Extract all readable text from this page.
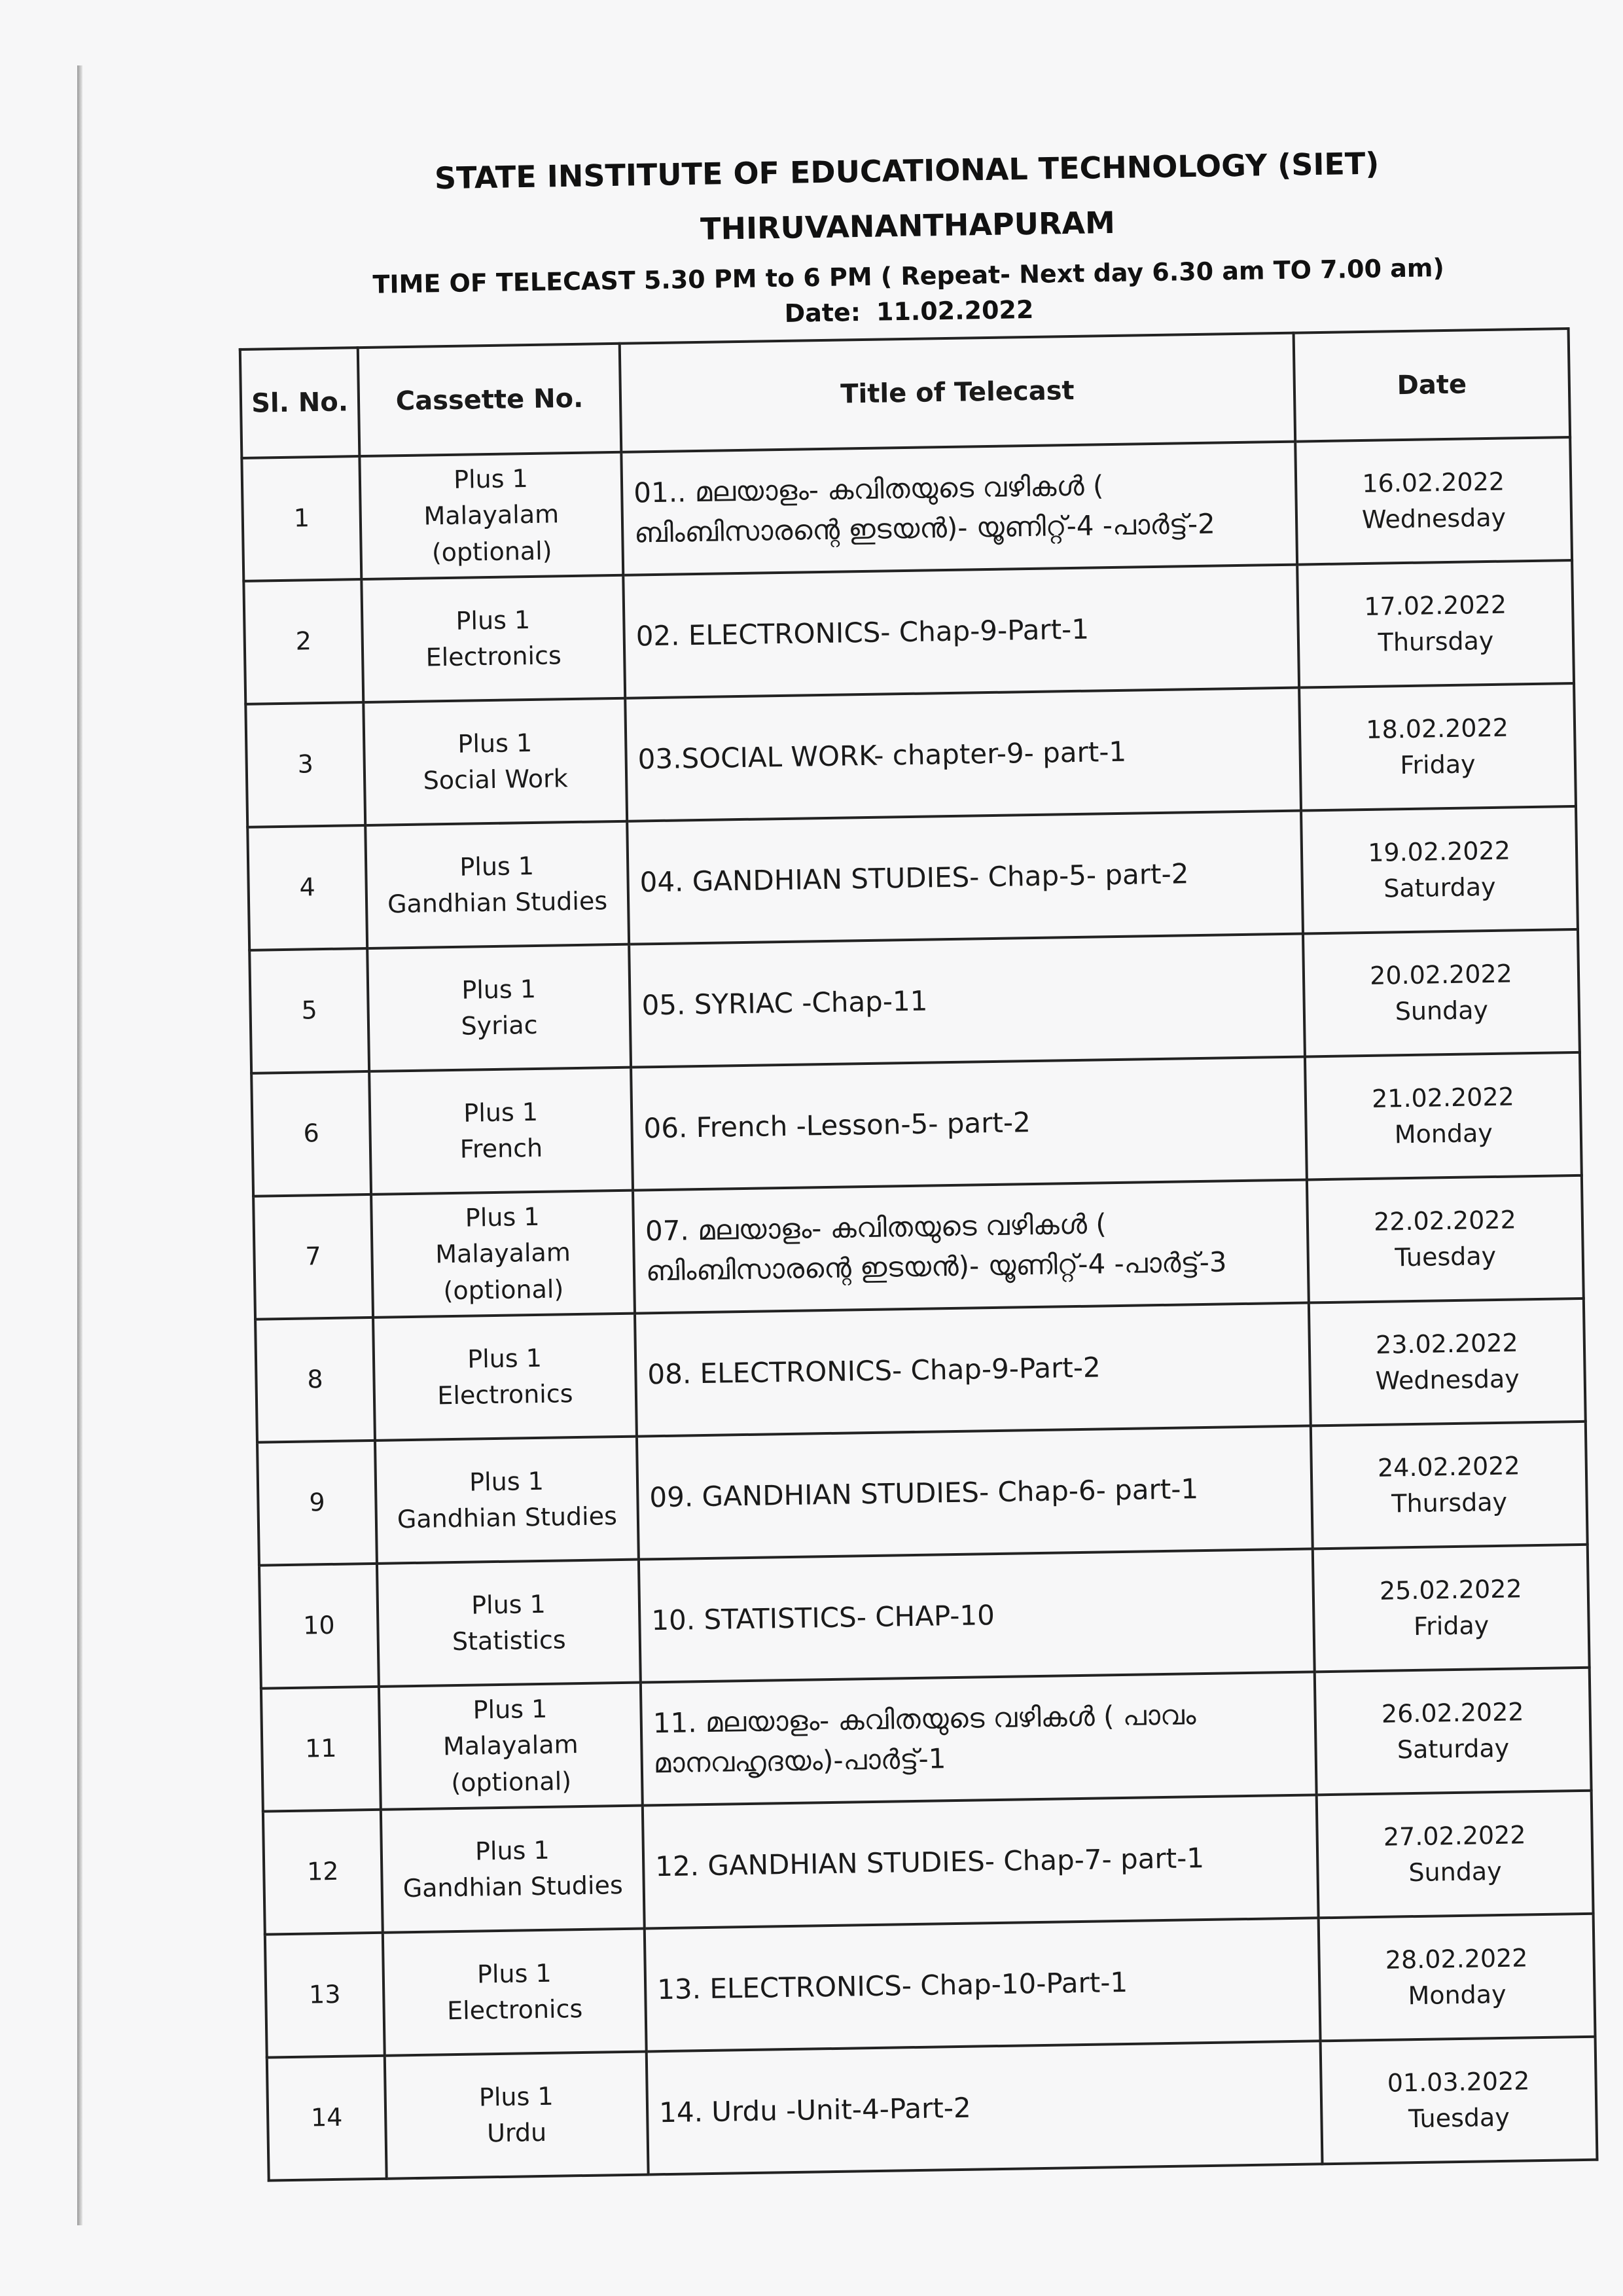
STATE INSTITUTE OF EDUCATIONAL TECHNOLOGY (SIET)
THIRUVANANTHAPURAM
TIME OF TELECAST 5.30 PM to 6 PM ( Repeat- Next day 6.30 am TO 7.00 am)
Date: 11.02.2022
Sl. No.	Cassette No.	Title of Telecast	Date
1	Plus 1
Malayalam
(optional)	01.. മലയാളം- കവിതയുടെ വഴികൾ ( ബിംബിസാരന്റെ ഇടയൻ)- യൂണിറ്റ്-4 -പാർട്ട്-2	16.02.2022
Wednesday

2	Plus 1
Electronics	02. ELECTRONICS- Chap-9-Part-1	17.02.2022
Thursday

3	Plus 1
Social Work	03.SOCIAL WORK- chapter-9- part-1	18.02.2022
Friday

4	Plus 1
Gandhian Studies	04. GANDHIAN STUDIES- Chap-5- part-2	19.02.2022
Saturday

5	Plus 1
Syriac	05. SYRIAC -Chap-11	20.02.2022
Sunday

6	Plus 1
French	06. French -Lesson-5- part-2	21.02.2022
Monday

7	Plus 1
Malayalam
(optional)	07. മലയാളം- കവിതയുടെ വഴികൾ ( ബിംബിസാരന്റെ ഇടയൻ)- യൂണിറ്റ്-4 -പാർട്ട്-3	22.02.2022
Tuesday

8	Plus 1
Electronics	08. ELECTRONICS- Chap-9-Part-2	23.02.2022
Wednesday

9	Plus 1
Gandhian Studies	09. GANDHIAN STUDIES- Chap-6- part-1	24.02.2022
Thursday

10	Plus 1
Statistics	10. STATISTICS- CHAP-10	25.02.2022
Friday

11	Plus 1
Malayalam
(optional)	11. മലയാളം- കവിതയുടെ വഴികൾ ( പാവം മാനവഹൃദയം)-പാർട്ട്-1	26.02.2022
Saturday

12	Plus 1
Gandhian Studies	12. GANDHIAN STUDIES- Chap-7- part-1	27.02.2022
Sunday

13	Plus 1
Electronics	13. ELECTRONICS- Chap-10-Part-1	28.02.2022
Monday

14	Plus 1
Urdu	14. Urdu -Unit-4-Part-2	01.03.2022
Tuesday
